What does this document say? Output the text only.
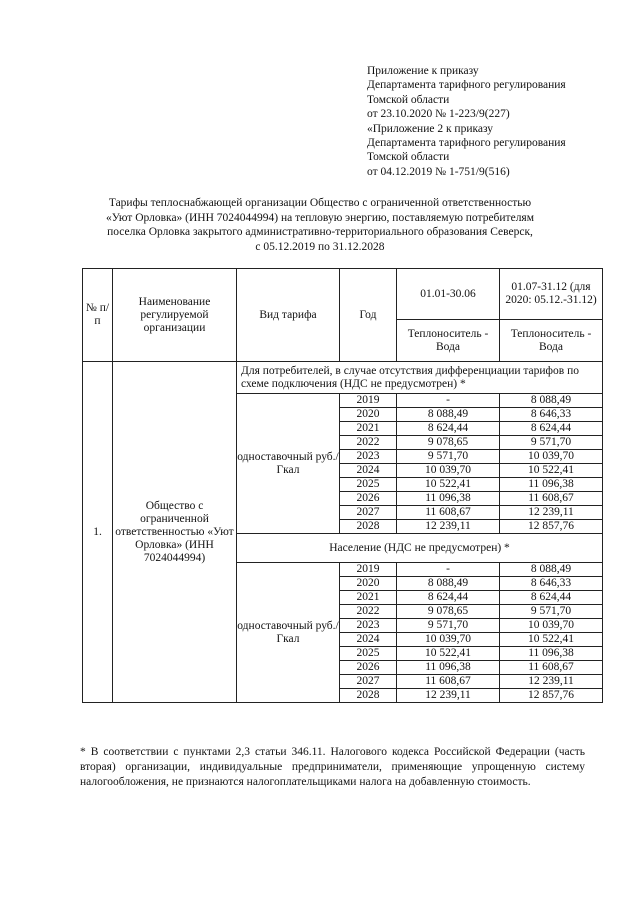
Приложение к приказу
Департамента тарифного регулирования
Томской области
от 23.10.2020 № 1-223/9(227)
«Приложение 2 к приказу
Департамента тарифного регулирования
Томской области
от 04.12.2019 № 1-751/9(516)
Тарифы теплоснабжающей организации Общество с ограниченной ответственностью
«Уют Орловка» (ИНН 7024044994) на тепловую энергию, поставляемую потребителям
поселка Орловка закрытого административно-территориального образования Северск,
с 05.12.2019 по 31.12.2028
№ п/п	Наименование регулируемой организации	Вид тарифа	Год	01.01-30.06	01.07-31.12 (для 2020: 05.12.-31.12)
				Теплоноситель - Вода	Теплоноситель - Вода
1.	Общество с ограниченной ответственностью «Уют Орловка» (ИНН 7024044994)	Для потребителей, в случае отсутствия дифференциации тарифов по схеме подключения (НДС не предусмотрен) *			
		одноставочный руб./Гкал	2019	-	8 088,49
			2020	8 088,49	8 646,33
			2021	8 624,44	8 624,44
			2022	9 078,65	9 571,70
			2023	9 571,70	10 039,70
			2024	10 039,70	10 522,41
			2025	10 522,41	11 096,38
			2026	11 096,38	11 608,67
			2027	11 608,67	12 239,11
			2028	12 239,11	12 857,76
		Население (НДС не предусмотрен) *			
		одноставочный руб./Гкал	2019	-	8 088,49
			2020	8 088,49	8 646,33
			2021	8 624,44	8 624,44
			2022	9 078,65	9 571,70
			2023	9 571,70	10 039,70
			2024	10 039,70	10 522,41
			2025	10 522,41	11 096,38
			2026	11 096,38	11 608,67
			2027	11 608,67	12 239,11
			2028	12 239,11	12 857,76
* В соответствии с пунктами 2,3 статьи 346.11. Налогового кодекса Российской Федерации (часть вторая) организации, индивидуальные предприниматели, применяющие упрощенную систему налогообложения, не признаются налогоплательщиками налога на добавленную стоимость.
